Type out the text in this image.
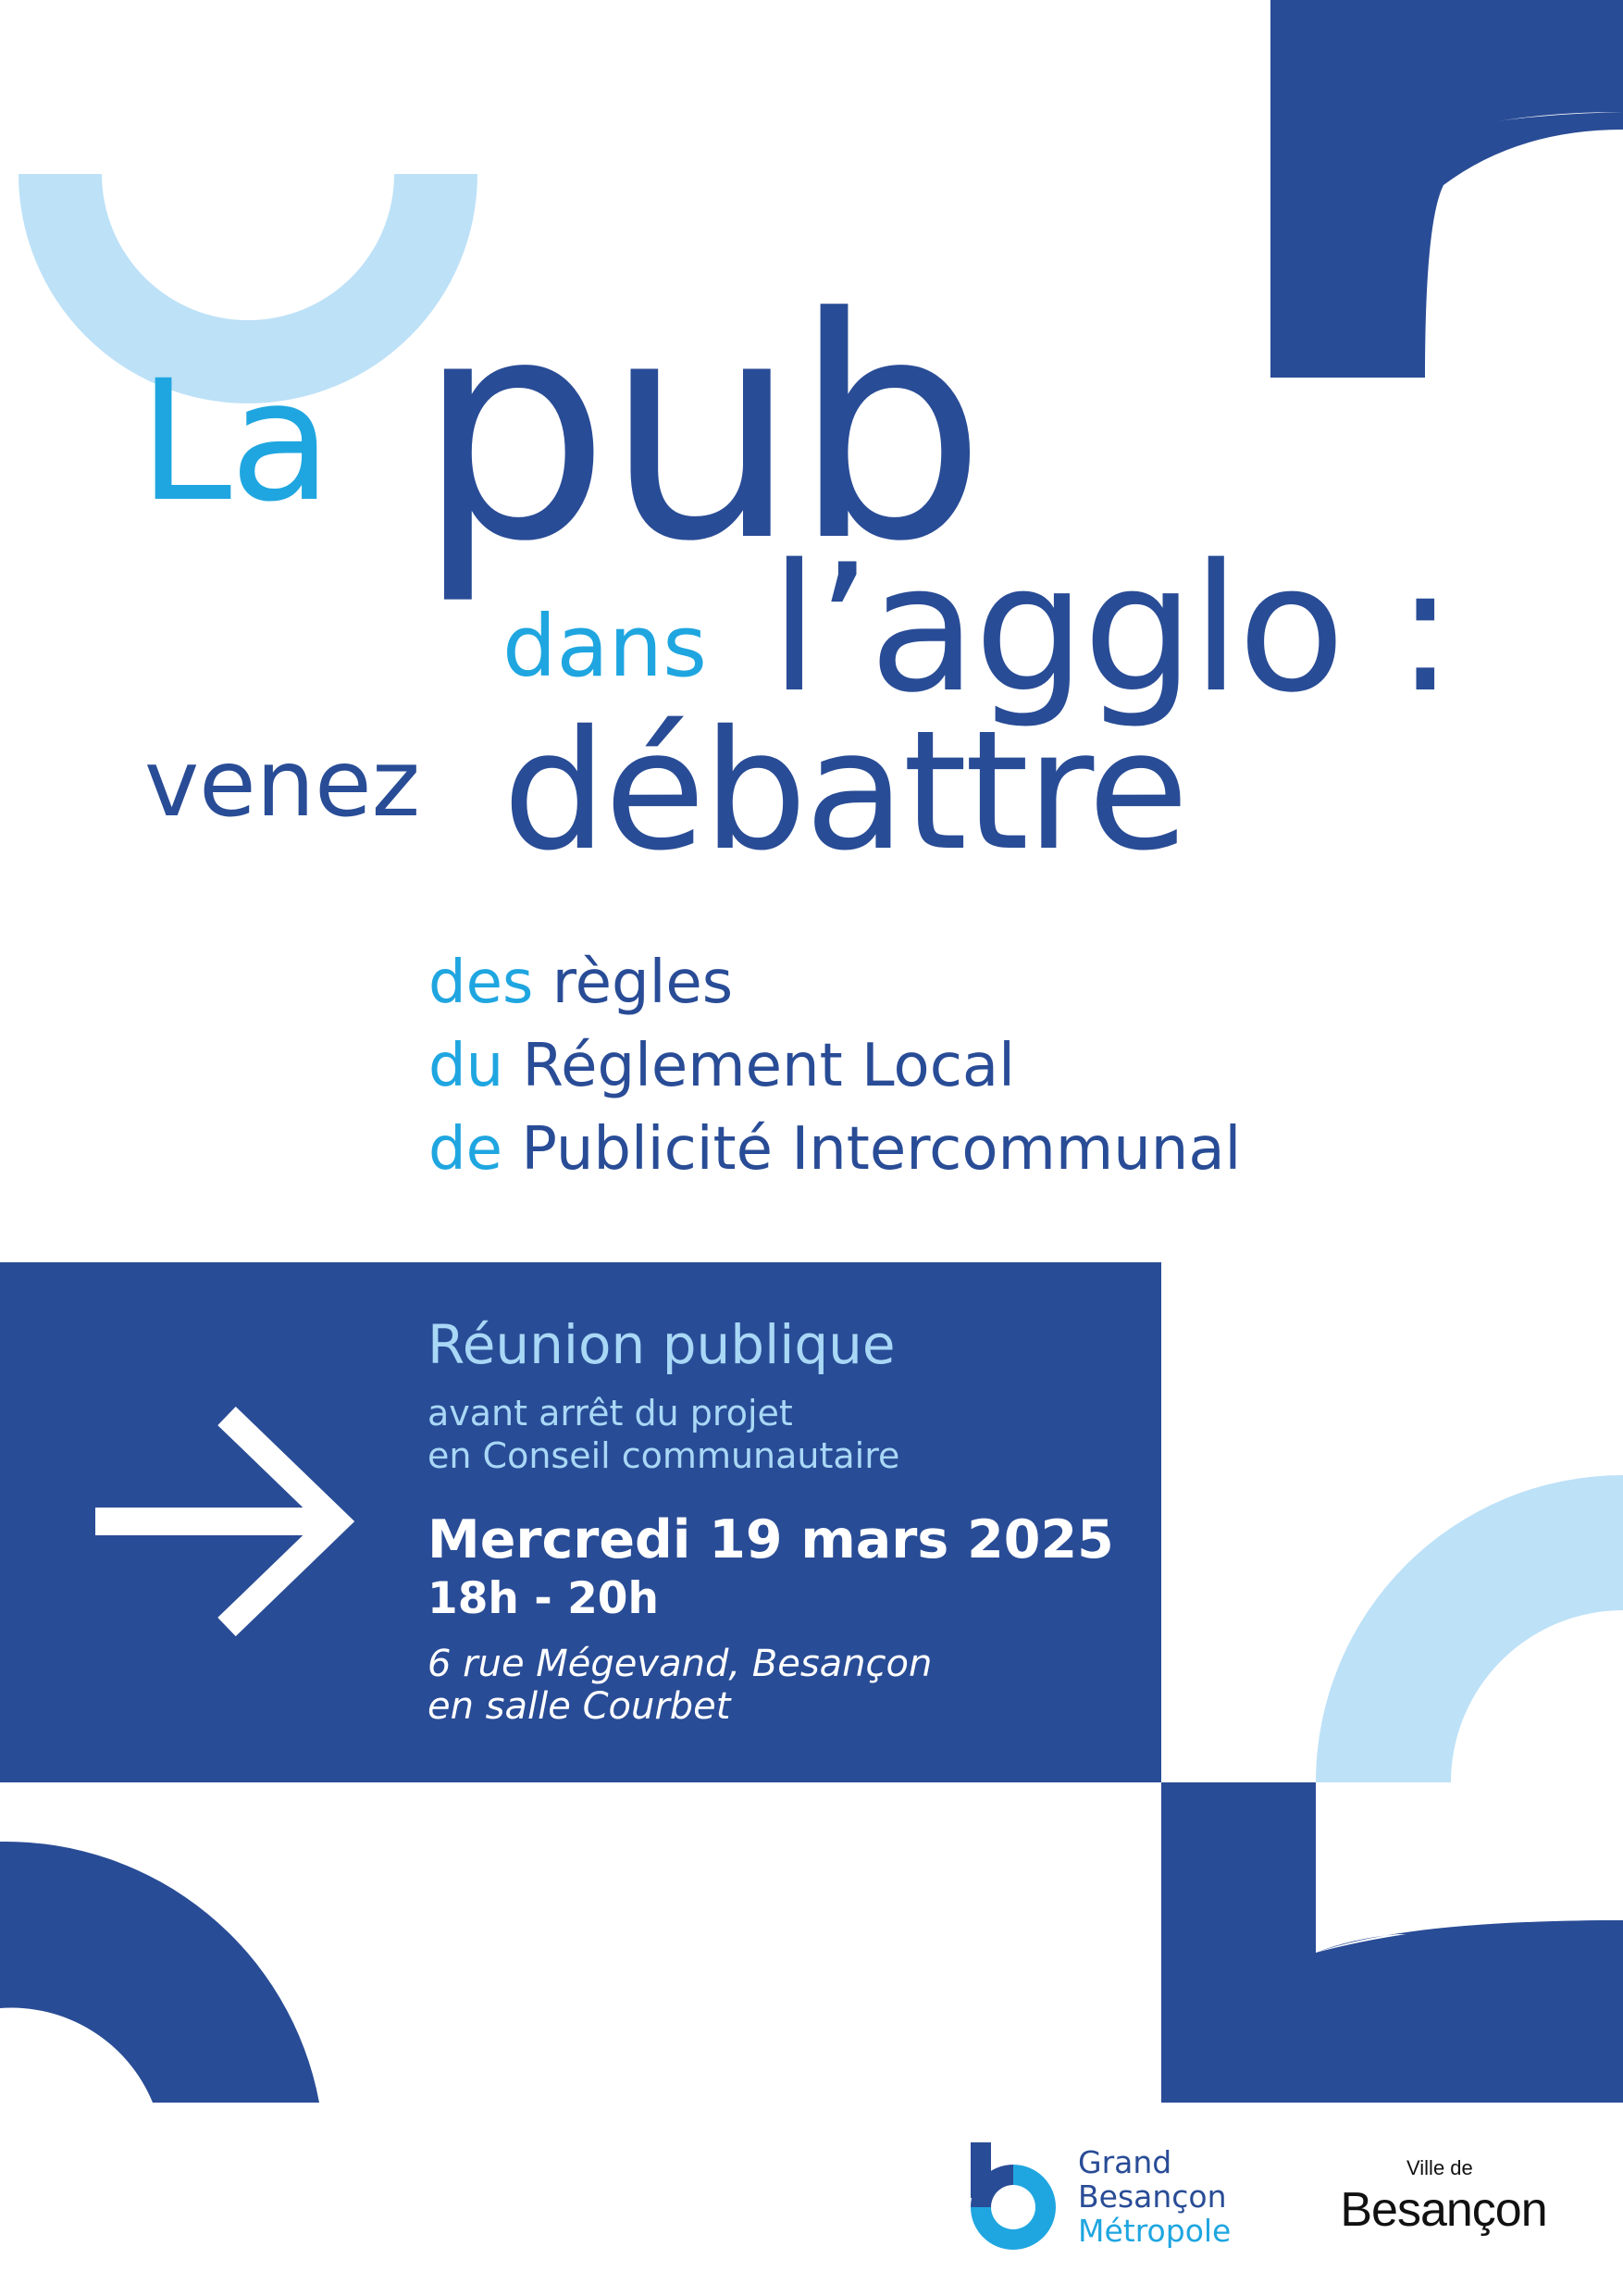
La pub
dans l’agglo :
venez débattre
des règles
du Réglement Local
de Publicité Intercommunal
Réunion publique
avant arrêt du projet
en Conseil communautaire
Mercredi 19 mars 2025
18h - 20h
6 rue Mégevand, Besançon
en salle Courbet
image in france
Grand
Besançon
Métropole
Ville de
Besançon
